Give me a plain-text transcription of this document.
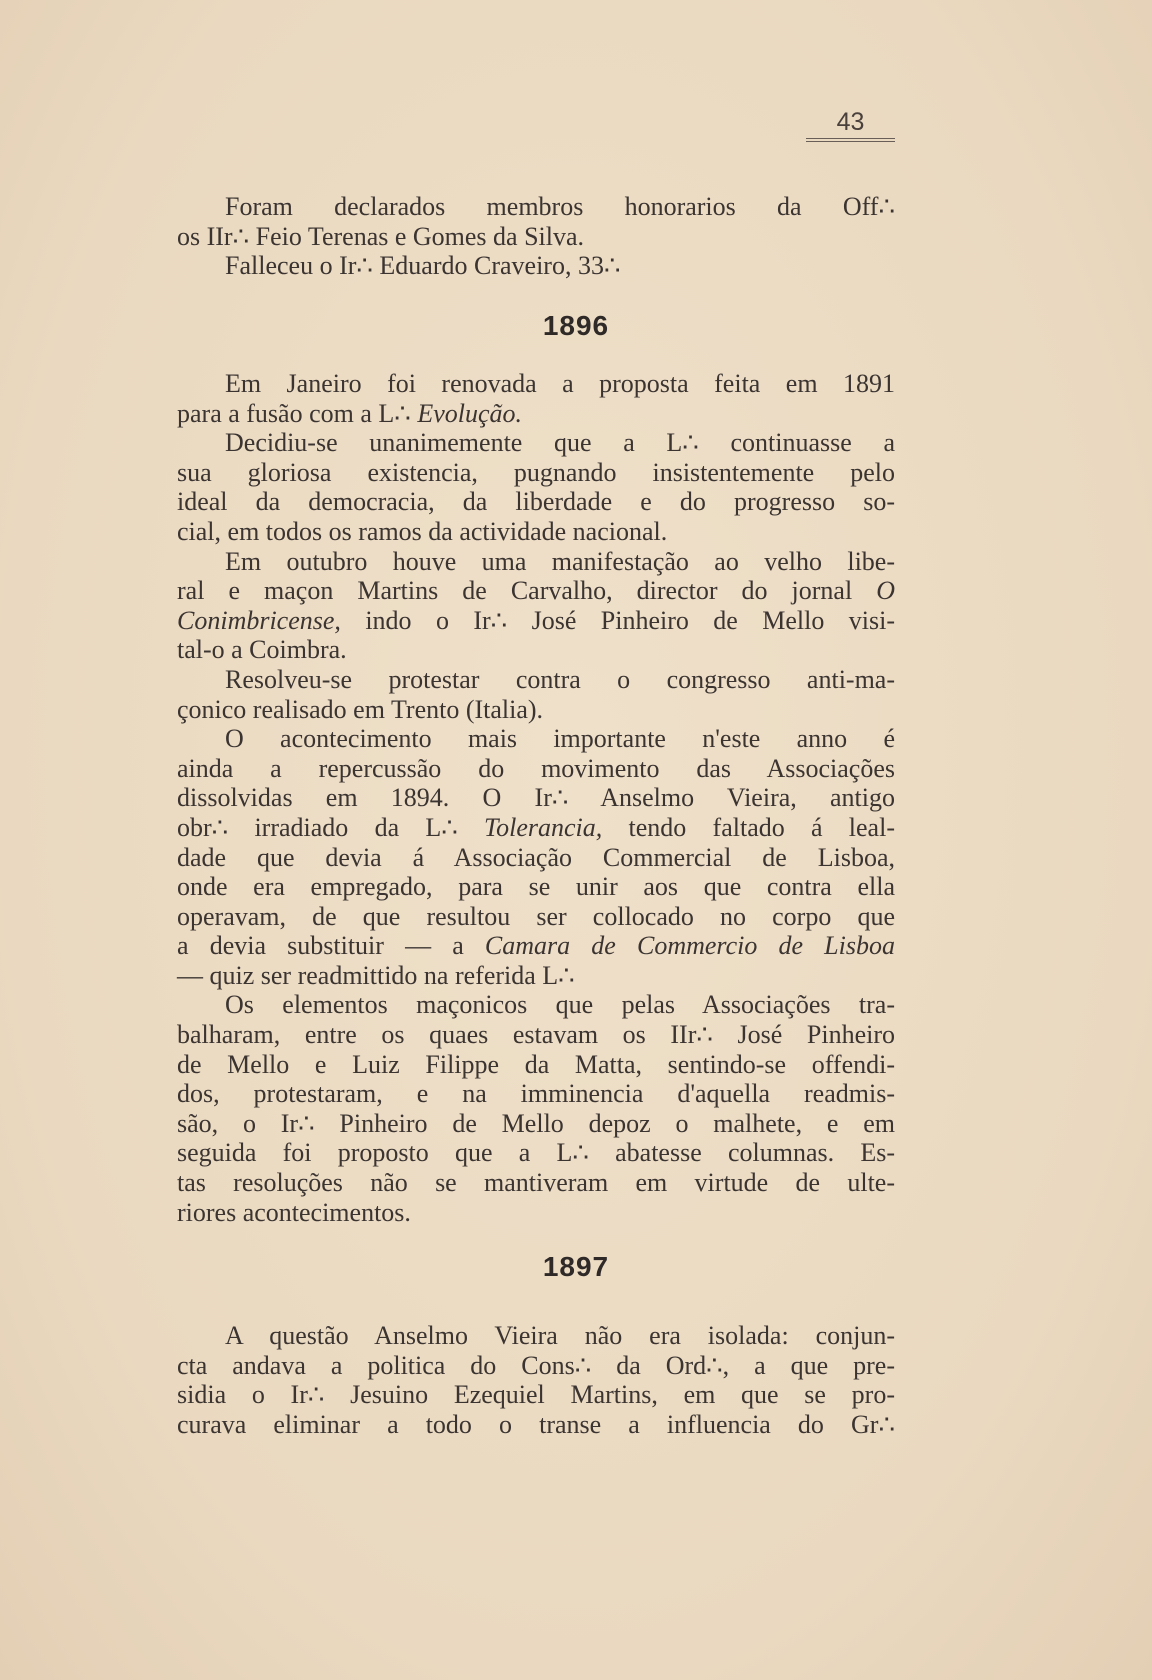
43
Foram declarados membros honorarios da Off∴
os IIr∴ Feio Terenas e Gomes da Silva.
Falleceu o Ir∴ Eduardo Craveiro, 33∴
1896
Em Janeiro foi renovada a proposta feita em 1891
para a fusão com a L∴ Evolução.
Decidiu-se unanimemente que a L∴ continuasse a
sua gloriosa existencia, pugnando insistentemente pelo
ideal da democracia, da liberdade e do progresso so-
cial, em todos os ramos da actividade nacional.
Em outubro houve uma manifestação ao velho libe-
ral e maçon Martins de Carvalho, director do jornal O
Conimbricense, indo o Ir∴ José Pinheiro de Mello visi-
tal-o a Coimbra.
Resolveu-se protestar contra o congresso anti-ma-
çonico realisado em Trento (Italia).
O acontecimento mais importante n'este anno é
ainda a repercussão do movimento das Associações
dissolvidas em 1894. O Ir∴ Anselmo Vieira, antigo
obr∴ irradiado da L∴ Tolerancia, tendo faltado á leal-
dade que devia á Associação Commercial de Lisboa,
onde era empregado, para se unir aos que contra ella
operavam, de que resultou ser collocado no corpo que
a devia substituir — a Camara de Commercio de Lisboa
— quiz ser readmittido na referida L∴
Os elementos maçonicos que pelas Associações tra-
balharam, entre os quaes estavam os IIr∴ José Pinheiro
de Mello e Luiz Filippe da Matta, sentindo-se offendi-
dos, protestaram, e na imminencia d'aquella readmis-
são, o Ir∴ Pinheiro de Mello depoz o malhete, e em
seguida foi proposto que a L∴ abatesse columnas. Es-
tas resoluções não se mantiveram em virtude de ulte-
riores acontecimentos.
1897
A questão Anselmo Vieira não era isolada: conjun-
cta andava a politica do Cons∴ da Ord∴, a que pre-
sidia o Ir∴ Jesuino Ezequiel Martins, em que se pro-
curava eliminar a todo o transe a influencia do Gr∴
